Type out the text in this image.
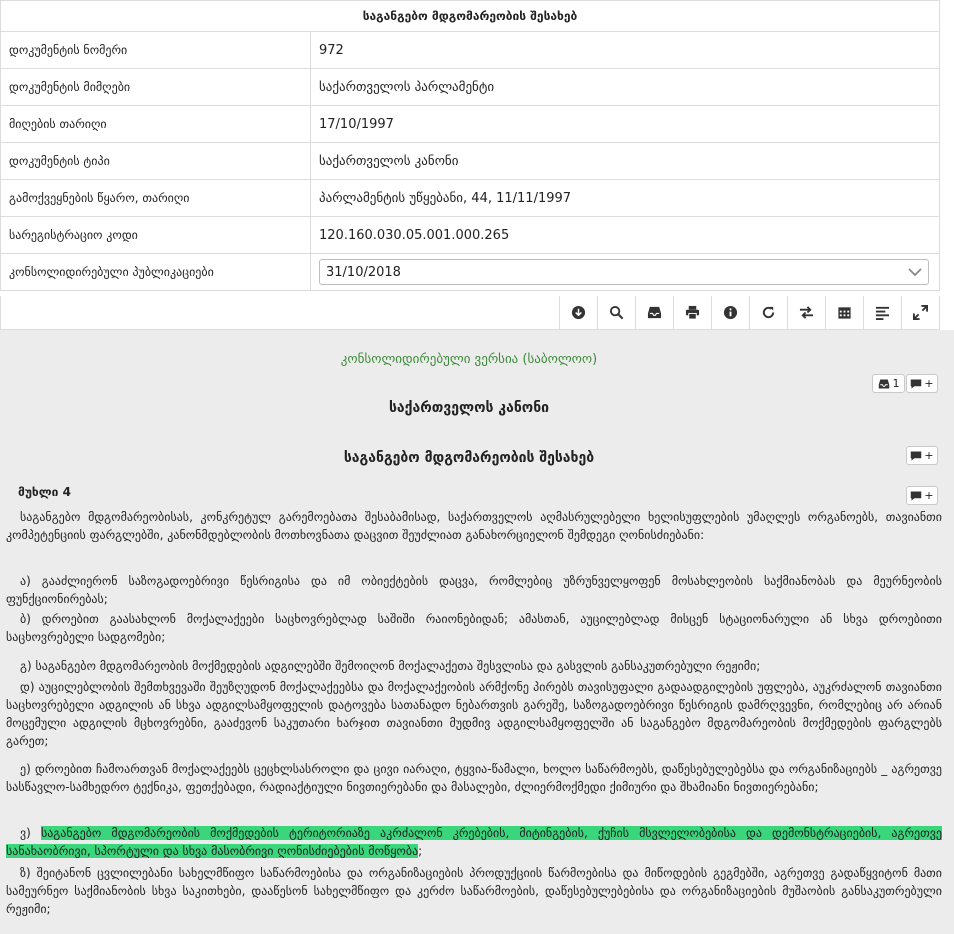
საგანგებო მდგომარეობის შესახებ	
დოკუმენტის ნომერი	972
დოკუმენტის მიმღები	საქართველოს პარლამენტი
მიღების თარიღი	17/10/1997
დოკუმენტის ტიპი	საქართველოს კანონი
გამოქვეყნების წყარო, თარიღი	პარლამენტის უწყებანი, 44, 11/11/1997
სარეგისტრაციო კოდი	120.160.030.05.001.000.265
კონსოლიდირებული პუბლიკაციები	31/10/2018
კონსოლიდირებული ვერსია (საბოლოო)
1 +
საქართველოს კანონი
+
საგანგებო მდგომარეობის შესახებ
მუხლი 4	+
საგანგებო მდგომარეობისას, კონკრეტულ გარემოებათა შესაბამისად, საქართველოს აღმასრულებელი ხელისუფლების უმაღლეს ორგანოებს, თავიანთი კომპეტენციის ფარგლებში, კანონმდებლობის მოთხოვნათა დაცვით შეუძლიათ განახორციელონ შემდეგი ღონისძიებანი:
ა) გააძლიერონ საზოგადოებრივი წესრიგისა და იმ ობიექტების დაცვა, რომლებიც უზრუნველყოფენ მოსახლეობის საქმიანობას და მეურნეობის ფუნქციონირებას;
ბ) დროებით გაასახლონ მოქალაქეები საცხოვრებლად საშიში რაიონებიდან; ამასთან, აუცილებლად მისცენ სტაციონარული ან სხვა დროებითი საცხოვრებელი სადგომები;
გ) საგანგებო მდგომარეობის მოქმედების ადგილებში შემოიღონ მოქალაქეთა შესვლისა და გასვლის განსაკუთრებული რეჟიმი;
დ) აუცილებლობის შემთხვევაში შეუზღუდონ მოქალაქეებსა და მოქალაქეობის არმქონე პირებს თავისუფალი გადაადგილების უფლება, აუკრძალონ თავიანთი საცხოვრებელი ადგილის ან სხვა ადგილსამყოფელის დატოვება სათანადო ნებართვის გარეშე, საზოგადოებრივი წესრიგის დამრღვევნი, რომლებიც არ არიან მოცემული ადგილის მცხოვრებნი, გააძევონ საკუთარი ხარჯით თავიანთი მუდმივ ადგილსამყოფელში ან საგანგებო მდგომარეობის მოქმედების ფარგლებს გარეთ;
ე) დროებით ჩამოართვან მოქალაქეებს ცეცხლსასროლი და ცივი იარაღი, ტყვია-წამალი, ხოლო საწარმოებს, დაწესებულებებსა და ორგანიზაციებს _ აგრეთვე სასწავლო-სამხედრო ტექნიკა, ფეთქებადი, რადიაქტიული ნივთიერებანი და მასალები, ძლიერმოქმედი ქიმიური და შხამიანი ნივთიერებანი;
ვ) საგანგებო მდგომარეობის მოქმედების ტერიტორიაზე აკრძალონ კრებების, მიტინგების, ქუჩის მსვლელობებისა და დემონსტრაციების, აგრეთვე სანახაობრივი, სპორტული და სხვა მასობრივი ღონისძიებების მოწყობა;
ზ) შეიტანონ ცვლილებანი სახელმწიფო საწარმოებისა და ორგანიზაციების პროდუქციის წარმოებისა და მიწოდების გეგმებში, აგრეთვე გადაწყვიტონ მათი სამეურნეო საქმიანობის სხვა საკითხები, დააწესონ სახელმწიფო და კერძო საწარმოების, დაწესებულებებისა და ორგანიზაციების მუშაობის განსაკუთრებული რეჟიმი;
